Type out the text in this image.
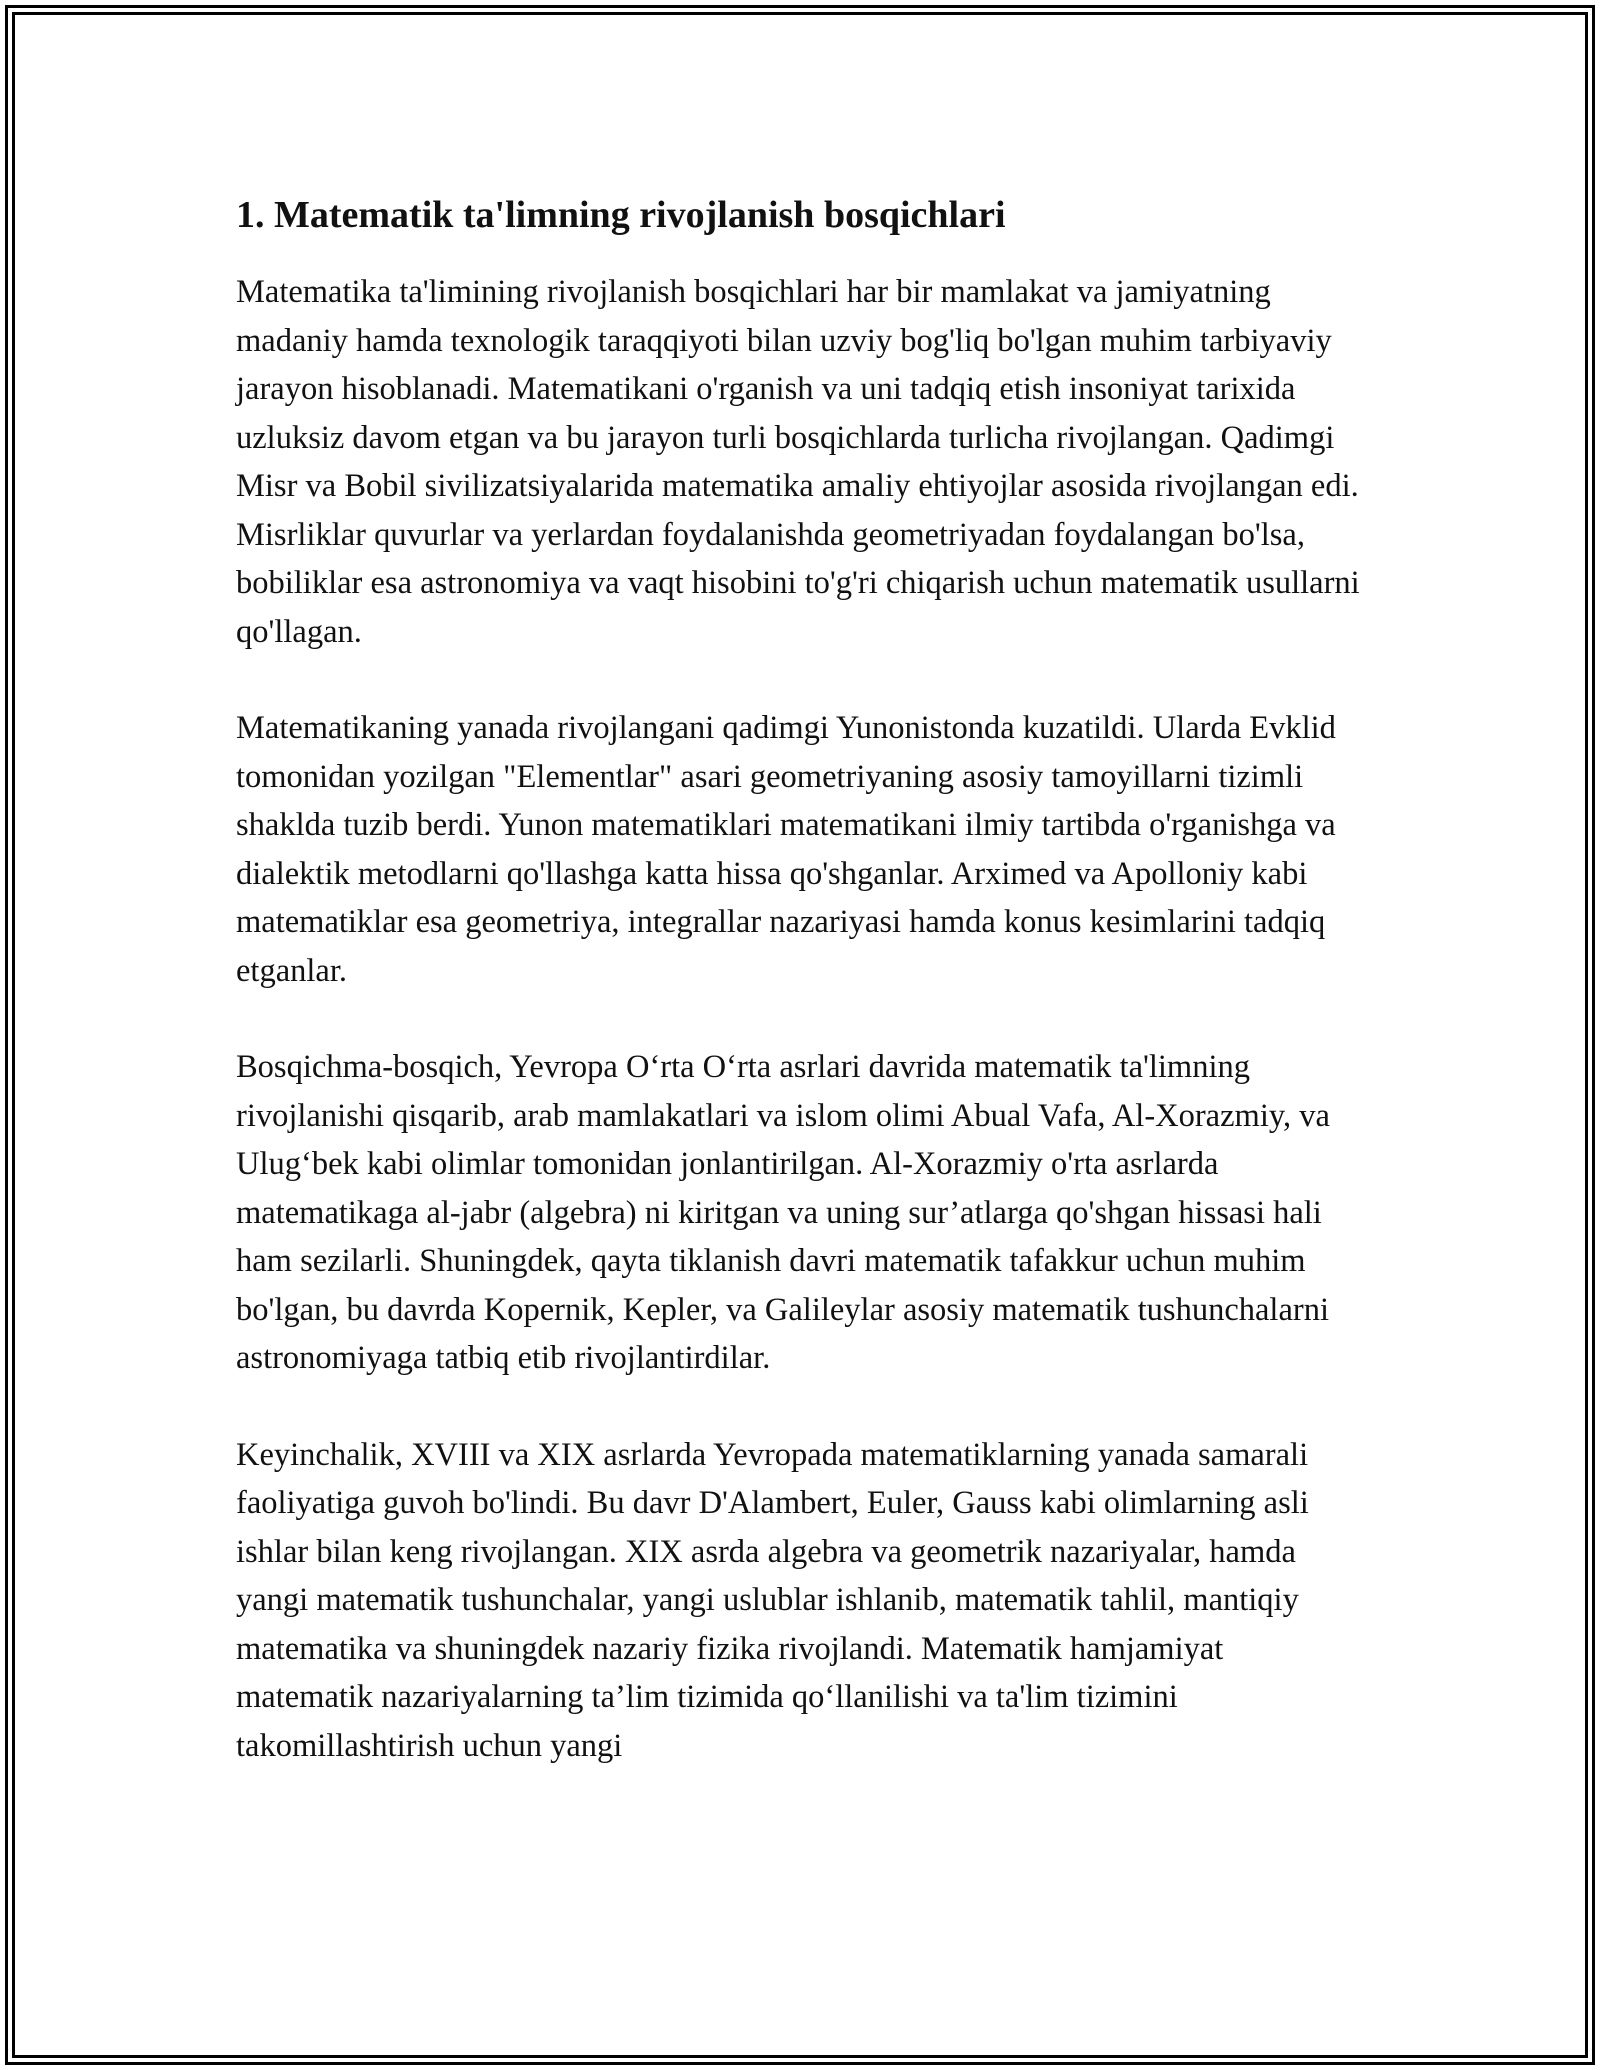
1. Matematik ta'limning rivojlanish bosqichlari

Matematika ta'limining rivojlanish bosqichlari har bir mamlakat va jamiyatning madaniy hamda texnologik taraqqiyoti bilan uzviy bog'liq bo'lgan muhim tarbiyaviy jarayon hisoblanadi. Matematikani o'rganish va uni tadqiq etish insoniyat tarixida uzluksiz davom etgan va bu jarayon turli bosqichlarda turlicha rivojlangan. Qadimgi Misr va Bobil sivilizatsiyalarida matematika amaliy ehtiyojlar asosida rivojlangan edi. Misrliklar quvurlar va yerlardan foydalanishda geometriyadan foydalangan bo'lsa, bobiliklar esa astronomiya va vaqt hisobini to'g'ri chiqarish uchun matematik usullarni qo'llagan.

Matematikaning yanada rivojlangani qadimgi Yunonistonda kuzatildi. Ularda Evklid tomonidan yozilgan "Elementlar" asari geometriyaning asosiy tamoyillarni tizimli shaklda tuzib berdi. Yunon matematiklari matematikani ilmiy tartibda o'rganishga va dialektik metodlarni qo'llashga katta hissa qo'shganlar. Arximed va Apolloniy kabi matematiklar esa geometriya, integrallar nazariyasi hamda konus kesimlarini tadqiq etganlar.

Bosqichma-bosqich, Yevropa O‘rta O‘rta asrlari davrida matematik ta'limning rivojlanishi qisqarib, arab mamlakatlari va islom olimi Abual Vafa, Al-Xorazmiy, va Ulug‘bek kabi olimlar tomonidan jonlantirilgan. Al-Xorazmiy o'rta asrlarda matematikaga al-jabr (algebra) ni kiritgan va uning sur’atlarga qo'shgan hissasi hali ham sezilarli. Shuningdek, qayta tiklanish davri matematik tafakkur uchun muhim bo'lgan, bu davrda Kopernik, Kepler, va Galileylar asosiy matematik tushunchalarni astronomiyaga tatbiq etib rivojlantirdilar.

Keyinchalik, XVIII va XIX asrlarda Yevropada matematiklarning yanada samarali faoliyatiga guvoh bo'lindi. Bu davr D'Alambert, Euler, Gauss kabi olimlarning asli ishlar bilan keng rivojlangan. XIX asrda algebra va geometrik nazariyalar, hamda yangi matematik tushunchalar, yangi uslublar ishlanib, matematik tahlil, mantiqiy matematika va shuningdek nazariy fizika rivojlandi. Matematik hamjamiyat matematik nazariyalarning ta’lim tizimida qo‘llanilishi va ta'lim tizimini takomillashtirish uchun yangi
